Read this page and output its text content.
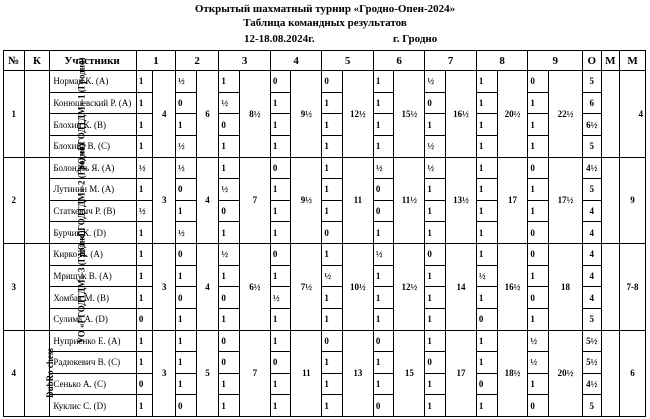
Открытый шахматный турнир «Гродно-Опен-2024»
Таблица командных результатов
12-18.08.2024г.	г. Гродно
№	К	Участники	1		2		3		4		5		6		7		8		9		О	М	М
1	УО «ГГОДТДМ»-1 (Гродно)	Норман К. (А)	1	4	½	6	1	8½	0	9½	0	12½	1	15½	½	16½	1	20½	0	22½	5		4
		Конюшевский Р. (А)	1		0		½		1		1		1		0		1		1		6		
		Блохин К. (В)	1		1		0		1		1		1		1		1		1		6½		
		Блохина В. (С)	1		½		1		1		1		1		½		1		1		5		
2	УО «ГГОДТДМ»-2 (Гродно)	Болондзь Я. (А)	½	3	½	4	1	7	0	9½	1	11	½	11½	½	13½	1	17	0	17½	4½		9
		Лутинин М. (А)	1		0		½		1		1		0		1		1		1		5		
		Статкевич Р. (В)	½		1		0		1		1		0		1		1		1		4		
		Бурчик К. (D)	1		½		1		1		0		1		1		1		0		4		
3	УО «ГГОДТДМ»-3 (Гродно)	Кирко И. (А)	1	3	0	4	½	6½	0	7½	1	10½	½	12½	0	14	1	16½	0	18	4		7-8
		Мрищук В. (А)	1		1		1		1		½		1		1		½		1		4		
		Хомбак М. (В)	1		0		0		½		1		1		1		1		0		4		
		Сулима А. (D)	0		1		1		1		1		1		1		0		1		5		
4	DubRo chess	Нуприенко Е. (А)	1	3	1	5	0	7	1	11	0	13	0	15	1	17	1	18½	½	20½	5½		6
		Радюкевич В. (С)	1		1		0		0		1		1		0		1		½		5½		
		Сенько А. (С)	0		1		1		1		1		1		1		0		1		4½		
		Куклис С. (D)	1		0		1		1		1		0		1		1		0		5		
